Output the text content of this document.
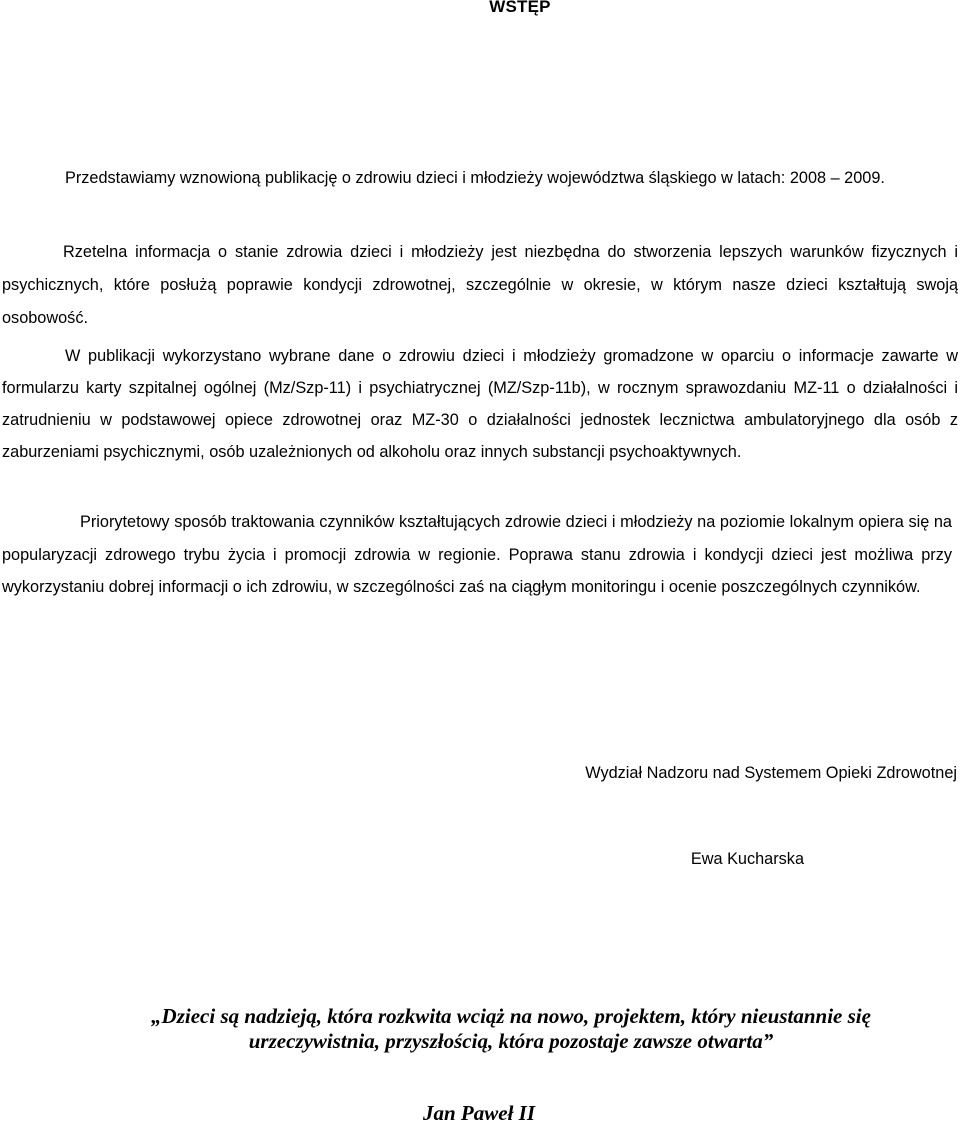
WSTĘP
Przedstawiamy wznowioną publikację o zdrowiu dzieci i młodzieży województwa śląskiego w latach: 2008 – 2009.
Rzetelna informacja o stanie zdrowia dzieci i młodzieży jest niezbędna do stworzenia lepszych warunków fizycznych i psychicznych, które posłużą poprawie kondycji zdrowotnej, szczególnie w okresie, w którym nasze dzieci kształtują swoją osobowość.
W publikacji wykorzystano wybrane dane o zdrowiu dzieci i młodzieży gromadzone w oparciu o informacje zawarte w formularzu karty szpitalnej ogólnej (Mz/Szp-11) i psychiatrycznej (MZ/Szp-11b), w rocznym sprawozdaniu MZ-11 o działalności i zatrudnieniu w podstawowej opiece zdrowotnej oraz MZ-30 o działalności jednostek lecznictwa ambulatoryjnego dla osób z zaburzeniami psychicznymi, osób uzależnionych od alkoholu oraz innych substancji psychoaktywnych.
Priorytetowy sposób traktowania czynników kształtujących zdrowie dzieci i młodzieży na poziomie lokalnym opiera się na popularyzacji zdrowego trybu życia i promocji zdrowia w regionie. Poprawa stanu zdrowia i kondycji dzieci jest możliwa przy wykorzystaniu dobrej informacji o ich zdrowiu, w szczególności zaś na ciągłym monitoringu i ocenie poszczególnych czynników.
Wydział Nadzoru nad Systemem Opieki Zdrowotnej
Ewa Kucharska
„Dzieci są nadzieją, która rozkwita wciąż na nowo, projektem, który nieustannie się
urzeczywistnia, przyszłością, która pozostaje zawsze otwarta”
Jan Paweł II
